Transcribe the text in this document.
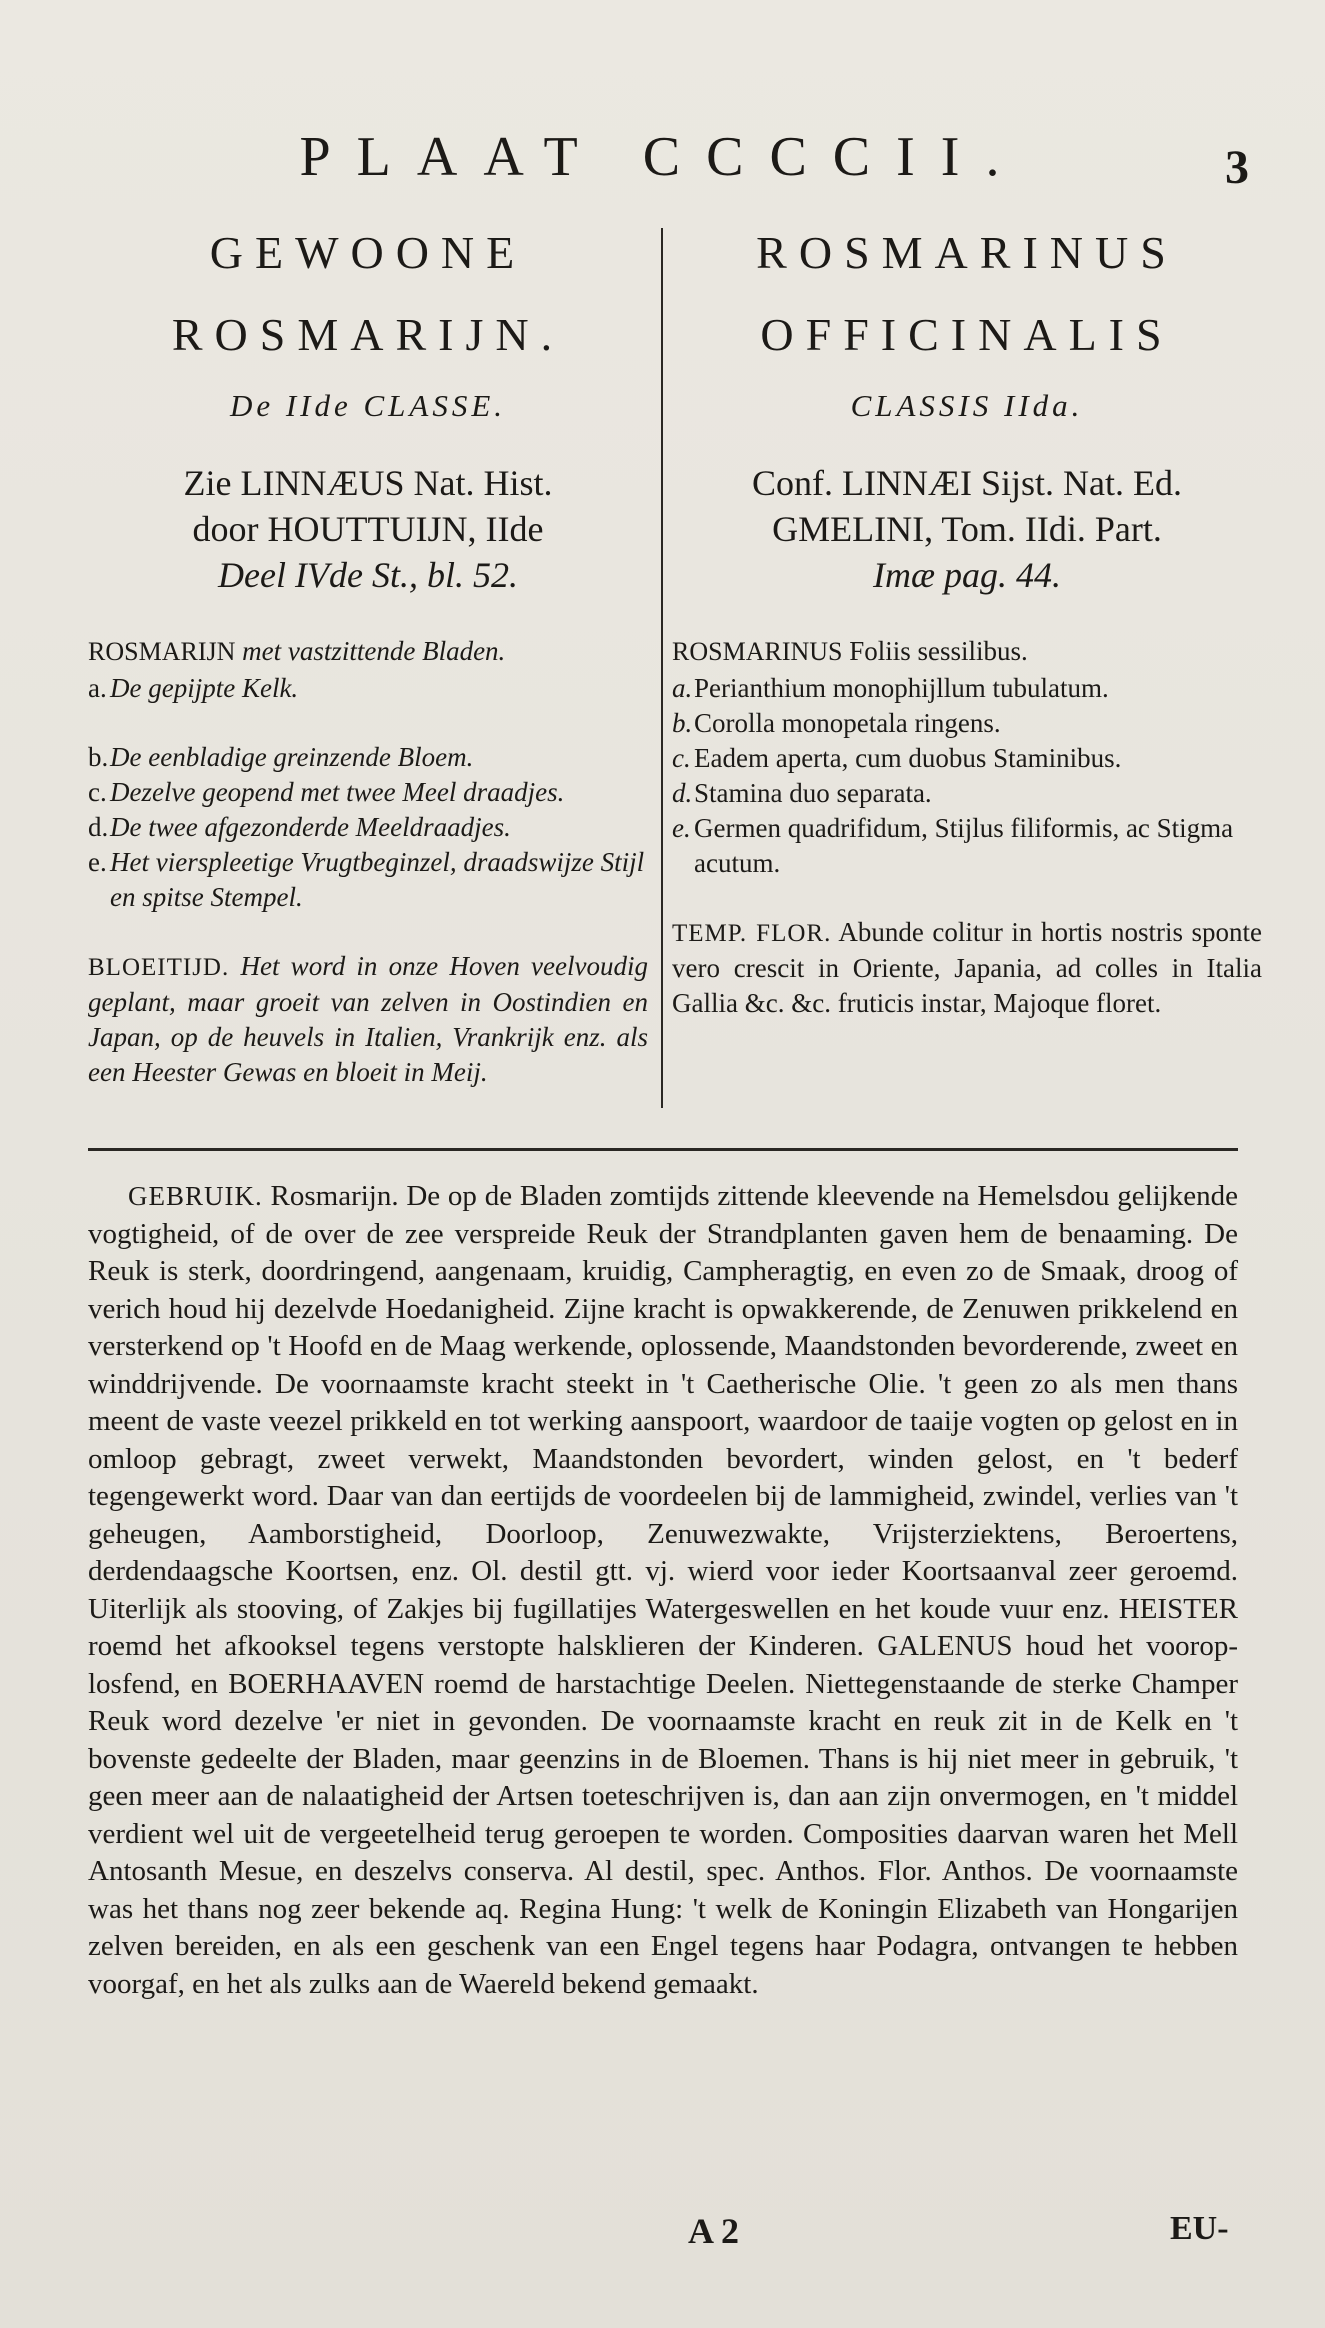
PLAAT CCCCII.	3
GEWOONE
ROSMARIJN.
De IIde CLASSE.
Zie LINNÆUS Nat. Hist.
door HOUTTUIJN, IIde
Deel IVde St., bl. 52.
ROSMARIJN met vastzittende Bladen.
a. De gepijpte Kelk.
b. De eenbladige greinzende Bloem.
c. Dezelve geopend met twee Meel draadjes.
d. De twee afgezonderde Meeldraadjes.
e. Het vierspleetige Vrugtbeginzel, draadswijze Stijl en spitse Stempel.
BLOEITIJD. Het word in onze Hoven veelvoudig geplant, maar groeit van zelven in Oostindien en Japan, op de heuvels in Italien, Vrankrijk enz. als een Heester Gewas en bloeit in Meij.
ROSMARINUS
OFFICINALIS
CLASSIS IIda.
Conf. LINNÆI Sijst. Nat. Ed.
GMELINI, Tom. IIdi. Part.
Imæ pag. 44.
ROSMARINUS Foliis sessilibus.
a. Perianthium monophijllum tubulatum.
b. Corolla monopetala ringens.
c. Eadem aperta, cum duobus Staminibus.
d. Stamina duo separata.
e. Germen quadrifidum, Stijlus filiformis, ac Stigma acutum.
TEMP. FLOR. Abunde colitur in hortis nostris sponte vero crescit in Oriente, Japania, ad colles in Italia Gallia &c. &c. fruticis instar, Majoque floret.
GEBRUIK. Rosmarijn. De op de Bladen zomtijds zittende kleevende na Hemelsdou gelijkende vogtigheid, of de over de zee verspreide Reuk der Strandplanten gaven hem de benaaming. De Reuk is sterk, doordringend, aangenaam, kruidig, Campheragtig, en even zo de Smaak, droog of verich houd hij dezelvde Hoedanigheid. Zijne kracht is opwakkerende, de Zenuwen prikkelend en versterkend op 't Hoofd en de Maag werkende, oplossende, Maandstonden bevorderende, zweet en winddrijvende. De voornaamste kracht steekt in 't Caetherische Olie. 't geen zo als men thans meent de vaste veezel prikkeld en tot werking aanspoort, waardoor de taaije vogten op gelost en in omloop gebragt, zweet verwekt, Maandstonden bevordert, winden gelost, en 't bederf tegengewerkt word. Daar van dan eertijds de voordeelen bij de lammigheid, zwindel, verlies van 't geheugen, Aamborstigheid, Doorloop, Zenuwezwakte, Vrijsterziektens, Beroertens, derdendaagsche Koortsen, enz. Ol. destil gtt. vj. wierd voor ieder Koortsaanval zeer geroemd. Uiterlijk als stooving, of Zakjes bij fugillatijes Watergeswellen en het koude vuur enz. HEISTER roemd het afkooksel tegens verstopte halsklieren der Kinderen. GALENUS houd het voorop-losfend, en BOERHAAVEN roemd de harstachtige Deelen. Niettegenstaande de sterke Champer Reuk word dezelve 'er niet in gevonden. De voornaamste kracht en reuk zit in de Kelk en 't bovenste gedeelte der Bladen, maar geenzins in de Bloemen. Thans is hij niet meer in gebruik, 't geen meer aan de nalaatigheid der Artsen toeteschrijven is, dan aan zijn onvermogen, en 't middel verdient wel uit de vergeetelheid terug geroepen te worden. Composities daarvan waren het Mell Antosanth Mesue, en deszelvs conserva. Al destil, spec. Anthos. Flor. Anthos. De voornaamste was het thans nog zeer bekende aq. Regina Hung: 't welk de Koningin Elizabeth van Hongarijen zelven bereiden, en als een geschenk van een Engel tegens haar Podagra, ontvangen te hebben voorgaf, en het als zulks aan de Waereld bekend gemaakt.
A 2	EU-
